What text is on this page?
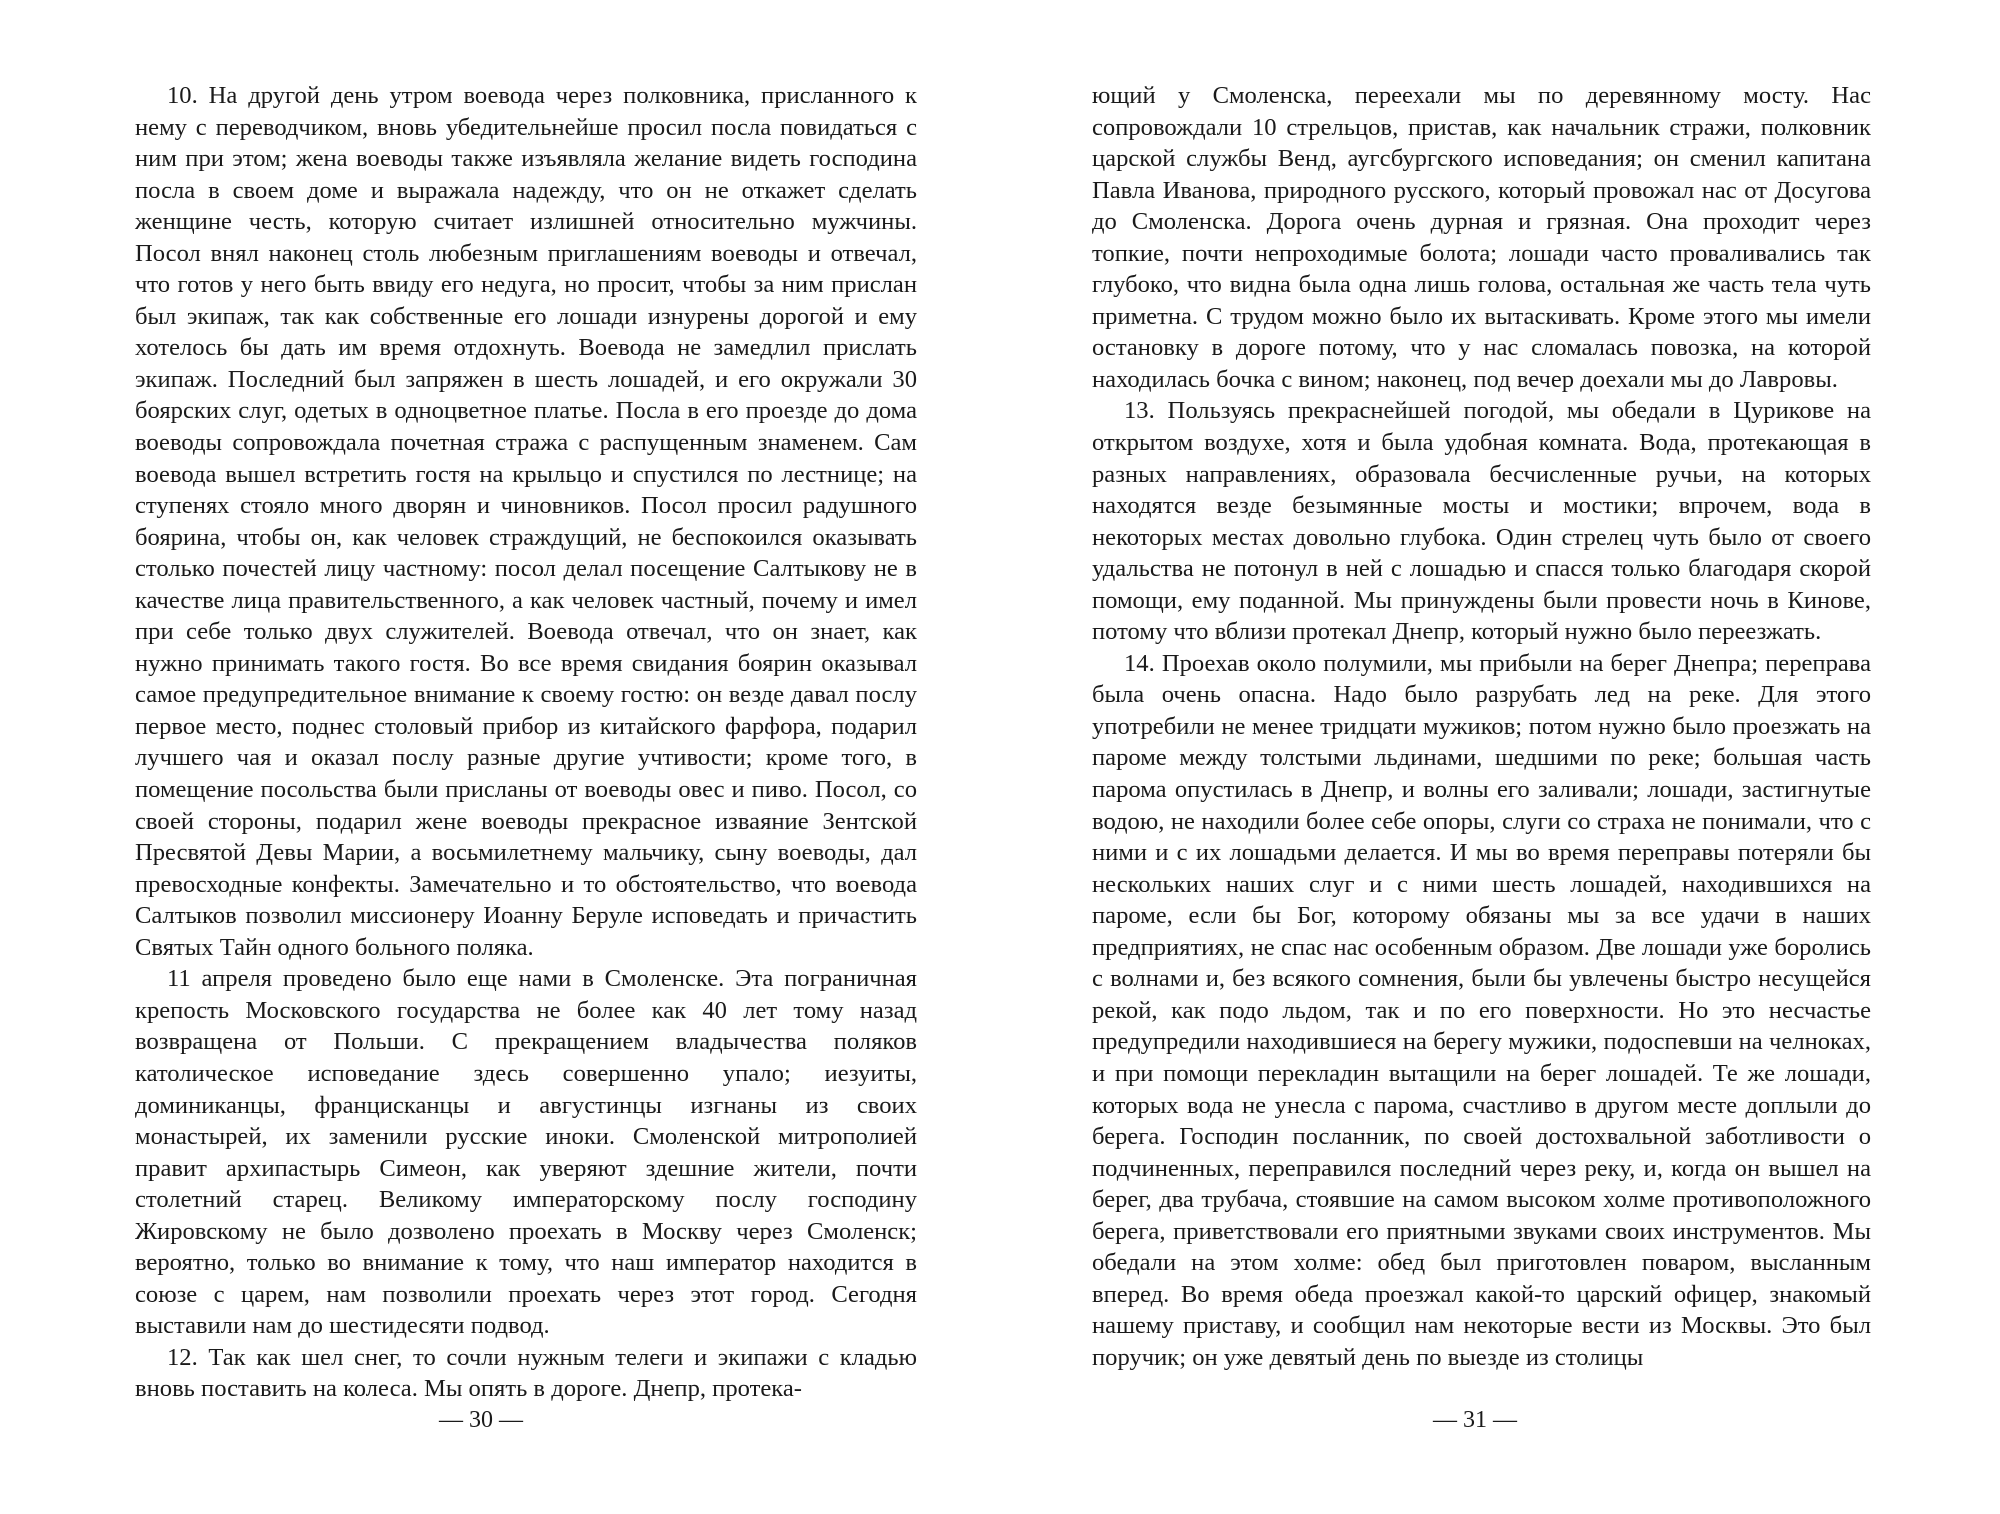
10. На другой день утром воевода через полковника, присланного к нему с переводчиком, вновь убедительнейше просил посла повидаться с ним при этом; жена воеводы также изъявляла желание видеть господина посла в своем доме и выражала надежду, что он не откажет сделать женщине честь, которую считает излишней относительно мужчины. Посол внял наконец столь любезным приглашениям воеводы и отвечал, что готов у него быть ввиду его недуга, но просит, чтобы за ним прислан был экипаж, так как собственные его лошади изнурены дорогой и ему хотелось бы дать им время отдохнуть. Воевода не замедлил прислать экипаж. Последний был запряжен в шесть лошадей, и его окружали 30 боярских слуг, одетых в одноцветное платье. Посла в его проезде до дома воеводы сопровождала почетная стража с распущенным знаменем. Сам воевода вышел встретить гостя на крыльцо и спустился по лестнице; на ступенях стояло много дворян и чиновников. Посол просил радушного боярина, чтобы он, как человек страждущий, не беспокоился оказывать столько почестей лицу частному: посол делал посещение Салтыкову не в качестве лица правительственного, а как человек частный, почему и имел при себе только двух служителей. Воевода отвечал, что он знает, как нужно принимать такого гостя. Во все время свидания боярин оказывал самое предупредительное внимание к своему гостю: он везде давал послу первое место, поднес столовый прибор из китайского фарфора, подарил лучшего чая и оказал послу разные другие учтивости; кроме того, в помещение посольства были присланы от воеводы овес и пиво. Посол, со своей стороны, подарил жене воеводы прекрасное изваяние Зентской Пресвятой Девы Марии, а восьмилетнему мальчику, сыну воеводы, дал превосходные конфекты. Замечательно и то обстоятельство, что воевода Салтыков позволил миссионеру Иоанну Беруле исповедать и причастить Святых Тайн одного больного поляка.

11 апреля проведено было еще нами в Смоленске. Эта пограничная крепость Московского государства не более как 40 лет тому назад возвращена от Польши. С прекращением владычества поляков католическое исповедание здесь совершенно упало; иезуиты, доминиканцы, францисканцы и августинцы изгнаны из своих монастырей, их заменили русские иноки. Смоленской митрополией правит архипастырь Симеон, как уверяют здешние жители, почти столетний старец. Великому императорскому послу господину Жировскому не было дозволено проехать в Москву через Смоленск; вероятно, только во внимание к тому, что наш император находится в союзе с царем, нам позволили проехать через этот город. Сегодня выставили нам до шестидесяти подвод.

12. Так как шел снег, то сочли нужным телеги и экипажи с кладью вновь поставить на колеса. Мы опять в дороге. Днепр, протека-

— 30 —

ющий у Смоленска, переехали мы по деревянному мосту. Нас сопровождали 10 стрельцов, пристав, как начальник стражи, полковник царской службы Венд, аугсбургского исповедания; он сменил капитана Павла Иванова, природного русского, который провожал нас от Досугова до Смоленска. Дорога очень дурная и грязная. Она проходит через топкие, почти непроходимые болота; лошади часто проваливались так глубоко, что видна была одна лишь голова, остальная же часть тела чуть приметна. С трудом можно было их вытаскивать. Кроме этого мы имели остановку в дороге потому, что у нас сломалась повозка, на которой находилась бочка с вином; наконец, под вечер доехали мы до Лавровы.

13. Пользуясь прекраснейшей погодой, мы обедали в Цурикове на открытом воздухе, хотя и была удобная комната. Вода, протекающая в разных направлениях, образовала бесчисленные ручьи, на которых находятся везде безымянные мосты и мостики; впрочем, вода в некоторых местах довольно глубока. Один стрелец чуть было от своего удальства не потонул в ней с лошадью и спасся только благодаря скорой помощи, ему поданной. Мы принуждены были провести ночь в Кинове, потому что вблизи протекал Днепр, который нужно было переезжать.

14. Проехав около полумили, мы прибыли на берег Днепра; переправа была очень опасна. Надо было разрубать лед на реке. Для этого употребили не менее тридцати мужиков; потом нужно было проезжать на пароме между толстыми льдинами, шедшими по реке; большая часть парома опустилась в Днепр, и волны его заливали; лошади, застигнутые водою, не находили более себе опоры, слуги со страха не понимали, что с ними и с их лошадьми делается. И мы во время переправы потеряли бы нескольких наших слуг и с ними шесть лошадей, находившихся на пароме, если бы Бог, которому обязаны мы за все удачи в наших предприятиях, не спас нас особенным образом. Две лошади уже боролись с волнами и, без всякого сомнения, были бы увлечены быстро несущейся рекой, как подо льдом, так и по его поверхности. Но это несчастье предупредили находившиеся на берегу мужики, подоспевши на челноках, и при помощи перекладин вытащили на берег лошадей. Те же лошади, которых вода не унесла с парома, счастливо в другом месте доплыли до берега. Господин посланник, по своей достохвальной заботливости о подчиненных, переправился последний через реку, и, когда он вышел на берег, два трубача, стоявшие на самом высоком холме противоположного берега, приветствовали его приятными звуками своих инструментов. Мы обедали на этом холме: обед был приготовлен поваром, высланным вперед. Во время обеда проезжал какой-то царский офицер, знакомый нашему приставу, и сообщил нам некоторые вести из Москвы. Это был поручик; он уже девятый день по выезде из столицы

— 31 —
